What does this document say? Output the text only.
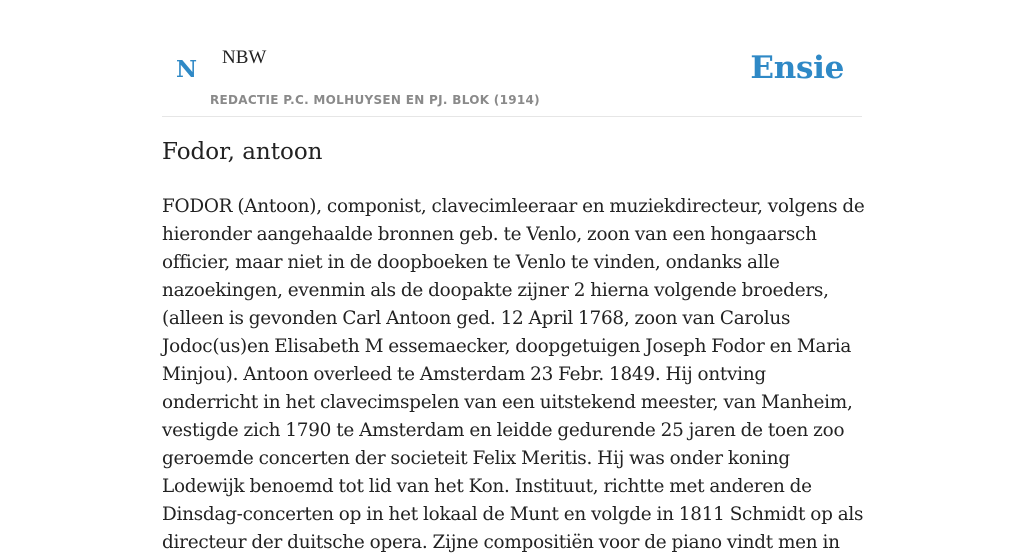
N NBW
REDACTIE P.C. MOLHUYSEN EN PJ. BLOK (1914)
Ensie
Fodor, antoon

FODOR (Antoon), componist, clavecimleeraar en muziekdirecteur, volgens de hieronder aangehaalde bronnen geb. te Venlo, zoon van een hongaarsch officier, maar niet in de doopboeken te Venlo te vinden, ondanks alle nazoekingen, evenmin als de doopakte zijner 2 hierna volgende broeders, (alleen is gevonden Carl Antoon ged. 12 April 1768, zoon van Carolus Jodoc(us)en Elisabeth M essemaecker, doopgetuigen Joseph Fodor en Maria Minjou). Antoon overleed te Amsterdam 23 Febr. 1849. Hij ontving onderricht in het clavecimspelen van een uitstekend meester, van Manheim, vestigde zich 1790 te Amsterdam en leidde gedurende 25 jaren de toen zoo geroemde concerten der societeit Felix Meritis. Hij was onder koning Lodewijk benoemd tot lid van het Kon. Instituut, richtte met anderen de Dinsdag-concerten op in het lokaal de Munt en volgde in 1811 Schmidt op als directeur der duitsche opera. Zijne compositiën voor de piano vindt men in
